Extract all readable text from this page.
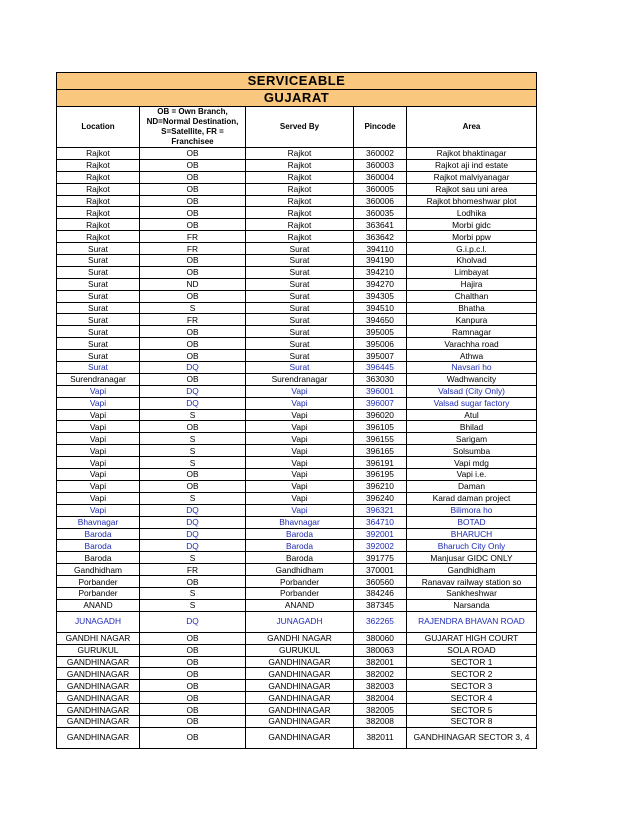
SERVICEABLE				
GUJARAT				
Location	OB = Own Branch, ND=Normal Destination, S=Satellite, FR = Franchisee	Served By	Pincode	Area
Rajkot	OB	Rajkot	360002	Rajkot bhaktinagar
Rajkot	OB	Rajkot	360003	Rajkot aji ind estate
Rajkot	OB	Rajkot	360004	Rajkot malviyanagar
Rajkot	OB	Rajkot	360005	Rajkot sau uni area
Rajkot	OB	Rajkot	360006	Rajkot bhomeshwar plot
Rajkot	OB	Rajkot	360035	Lodhika
Rajkot	OB	Rajkot	363641	Morbi gidc
Rajkot	FR	Rajkot	363642	Morbi ppw
Surat	FR	Surat	394110	G.i.p.c.l.
Surat	OB	Surat	394190	Kholvad
Surat	OB	Surat	394210	Limbayat
Surat	ND	Surat	394270	Hajira
Surat	OB	Surat	394305	Chalthan
Surat	S	Surat	394510	Bhatha
Surat	FR	Surat	394650	Kanpura
Surat	OB	Surat	395005	Ramnagar
Surat	OB	Surat	395006	Varachha road
Surat	OB	Surat	395007	Athwa
Surat	DQ	Surat	396445	Navsari ho
Surendranagar	OB	Surendranagar	363030	Wadhwancity
Vapi	DQ	Vapi	396001	Valsad (City Only)
Vapi	DQ	Vapi	396007	Valsad sugar factory
Vapi	S	Vapi	396020	Atul
Vapi	OB	Vapi	396105	Bhilad
Vapi	S	Vapi	396155	Sarigam
Vapi	S	Vapi	396165	Solsumba
Vapi	S	Vapi	396191	Vapi mdg
Vapi	OB	Vapi	396195	Vapi i.e.
Vapi	OB	Vapi	396210	Daman
Vapi	S	Vapi	396240	Karad daman project
Vapi	DQ	Vapi	396321	Bilimora ho
Bhavnagar	DQ	Bhavnagar	364710	BOTAD
Baroda	DQ	Baroda	392001	BHARUCH
Baroda	DQ	Baroda	392002	Bharuch City Only
Baroda	S	Baroda	391775	Manjusar GIDC ONLY
Gandhidham	FR	Gandhidham	370001	Gandhidham
Porbander	OB	Porbander	360560	Ranavav railway station so
Porbander	S	Porbander	384246	Sankheshwar
ANAND	S	ANAND	387345	Narsanda
JUNAGADH	DQ	JUNAGADH	362265	RAJENDRA BHAVAN ROAD
GANDHI NAGAR	OB	GANDHI NAGAR	380060	GUJARAT HIGH COURT
GURUKUL	OB	GURUKUL	380063	SOLA ROAD
GANDHINAGAR	OB	GANDHINAGAR	382001	SECTOR 1
GANDHINAGAR	OB	GANDHINAGAR	382002	SECTOR 2
GANDHINAGAR	OB	GANDHINAGAR	382003	SECTOR 3
GANDHINAGAR	OB	GANDHINAGAR	382004	SECTOR 4
GANDHINAGAR	OB	GANDHINAGAR	382005	SECTOR 5
GANDHINAGAR	OB	GANDHINAGAR	382008	SECTOR 8
GANDHINAGAR	OB	GANDHINAGAR	382011	GANDHINAGAR SECTOR 3, 4
